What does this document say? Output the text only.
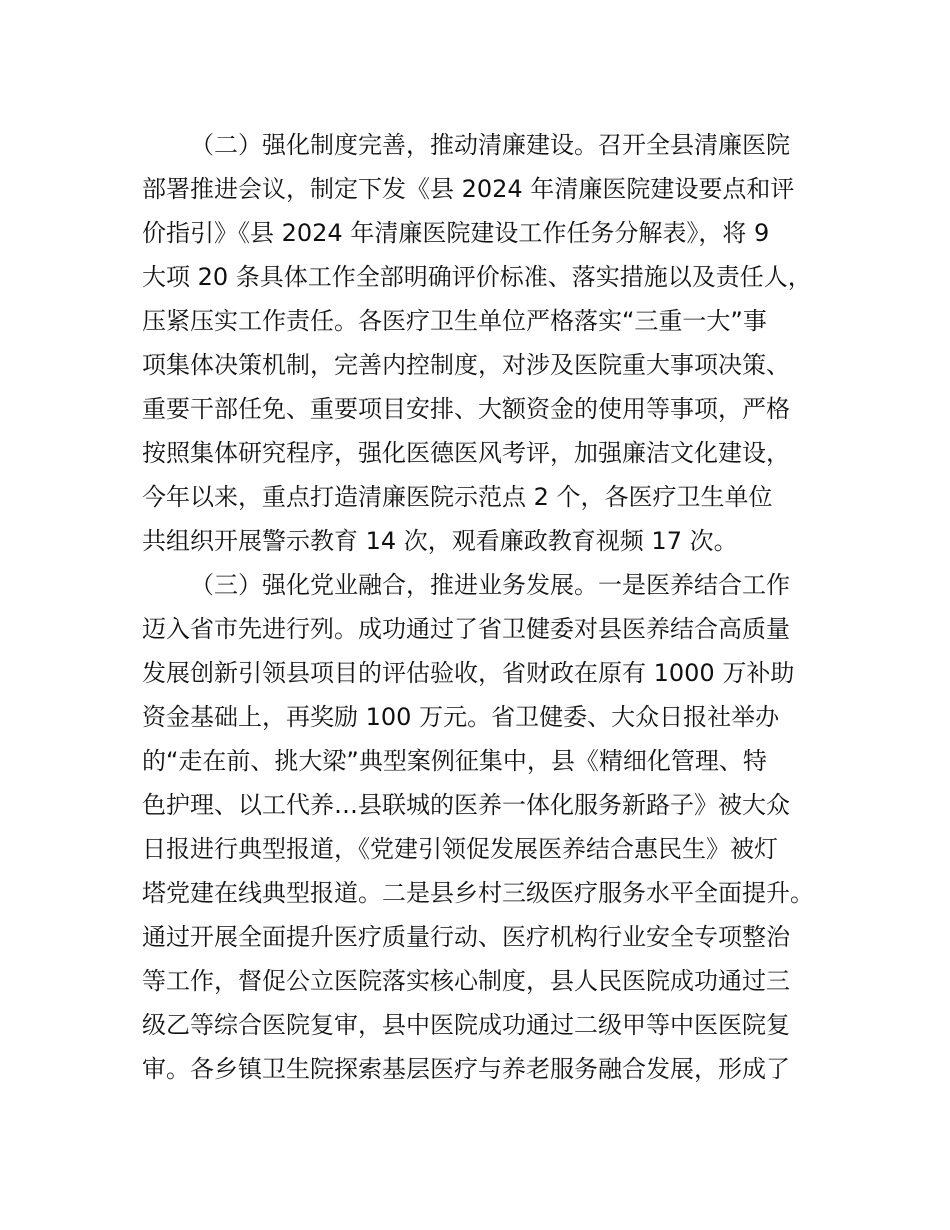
（二）强化制度完善，推动清廉建设。召开全县清廉医院

部署推进会议，制定下发《县 2024 年清廉医院建设要点和评

价指引》《县 2024 年清廉医院建设工作任务分解表》，将 9

大项 20 条具体工作全部明确评价标准、落实措施以及责任人，

压紧压实工作责任。各医疗卫生单位严格落实“三重一大”事

项集体决策机制，完善内控制度，对涉及医院重大事项决策、

重要干部任免、重要项目安排、大额资金的使用等事项，严格

按照集体研究程序，强化医德医风考评，加强廉洁文化建设，

今年以来，重点打造清廉医院示范点 2 个，各医疗卫生单位

共组织开展警示教育 14 次，观看廉政教育视频 17 次。

（三）强化党业融合，推进业务发展。一是医养结合工作

迈入省市先进行列。成功通过了省卫健委对县医养结合高质量

发展创新引领县项目的评估验收，省财政在原有 1000 万补助

资金基础上，再奖励 100 万元。省卫健委、大众日报社举办

的“走在前、挑大梁”典型案例征集中，县《精细化管理、特

色护理、以工代养…县联城的医养一体化服务新路子》被大众

日报进行典型报道，《党建引领促发展医养结合惠民生》被灯

塔党建在线典型报道。二是县乡村三级医疗服务水平全面提升。

通过开展全面提升医疗质量行动、医疗机构行业安全专项整治

等工作，督促公立医院落实核心制度，县人民医院成功通过三

级乙等综合医院复审，县中医院成功通过二级甲等中医医院复

审。各乡镇卫生院探索基层医疗与养老服务融合发展，形成了
